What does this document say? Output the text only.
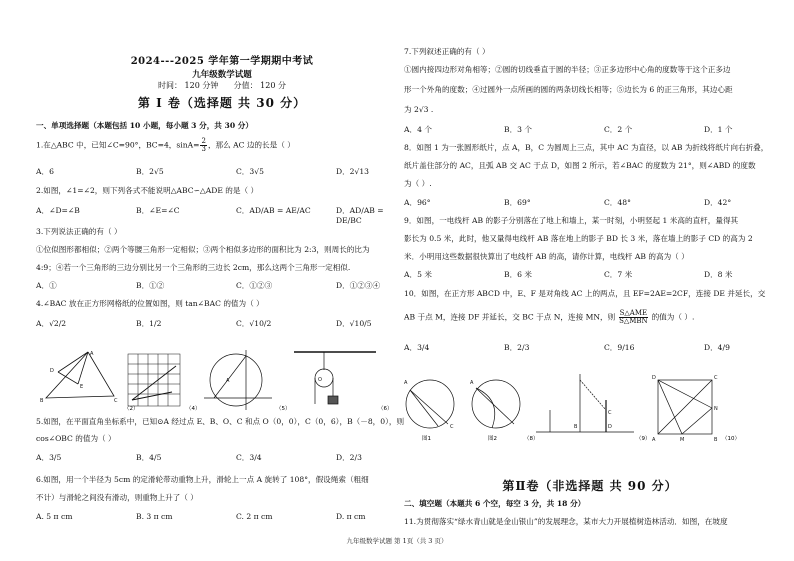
2024---2025 学年第一学期期中考试
九年级数学试题
时间： 120 分钟 分值： 120 分
第 I 卷（选择题 共 30 分）
一、单项选择题（本题包括 10 小题，每小题 3 分，共 30 分）
1.在△ABC 中，已知∠C=90°，BC=4，$\sin A= \frac{2}{3}$ ，那么 AC 边的长是（ ）
A．6	B．2√5	C．3√5	D．2√13
2.如图，∠1=∠2，则下列各式不能说明△ABC∽△ADE 的是（ ）
A．∠D=∠B	B．∠E=∠C	C．AD/AB = AE/AC	D．AD/AB = DE/BC
3.下列说法正确的有（ ）
①位似图形都相似；②两个等腰三角形一定相似；③两个相似多边形的面积比为 2:3，则周长的比为
4:9；④若一个三角形的三边分别比另一个三角形的三边长 2cm，那么这两个三角形一定相似.
A．①	B．①②	C．①②③	D．①②③④
4.∠BAC 放在正方形网格纸的位置如图，则 tan∠BAC 的值为（ ）
A．√2/2	B．1/2	C．√10/2	D．√10/5
A
D
B	C
E
A	O
（2）	（4）	（5）	（6）
5.如图，在平面直角坐标系中，已知⊙A 经过点 E、B、O、C 和点 O（0，0），C（0，6），B（－8，0），则
cos∠OBC 的值为（ ）
A．3/5	B．4/5	C．3/4	D．2/3
6.如图，用一个半径为 5cm 的定滑轮带动重物上升，滑轮上一点 A 旋转了 108°，假设绳索（粗细
不计）与滑轮之间没有滑动，则重物上升了（ ）
A. 5 π cm	B. 3 π cm	C. 2 π cm	D. π cm
7.下列叙述正确的有（ ）
①圆内接四边形对角相等；②圆的切线垂直于圆的半径；③正多边形中心角的度数等于这个正多边
形一个外角的度数；④过圆外一点所画的圆的两条切线长相等；⑤边长为 6 的正三角形，其边心距
为 2√3 .
A．4 个	B．3 个	C．2 个	D．1 个
8．如图 1 为一张圆形纸片，点 A，B，C 为圆周上三点，其中 AC 为直径，以 AB 为折线将纸片向右折叠，
纸片盖住部分的 AC，且弧 AB 交 AC 于点 D，如图 2 所示，若∠BAC 的度数为 21°，则∠ABD 的度数
为（ ）.
A．96°	B．69°	C．48°	D．42°
9．如图，一电线杆 AB 的影子分别落在了地上和墙上，某一时刻，小明竖起 1 米高的直杆，量得其
影长为 0.5 米，此时，他又量得电线杆 AB 落在地上的影子 BD 长 3 米，落在墙上的影子 CD 的高为 2
米．小明用这些数据很快算出了电线杆 AB 的高，请你计算，电线杆 AB 的高为（ ）
A．5 米	B．6 米	C．7 米	D．8 米
10．如图，在正方形 ABCD 中，E、F 是对角线 AC 上的两点，且 EF=2AE=2CF，连接 DE 并延长，交
AB 于点 M，连接 DF 并延长，交 BC 于点 N，连接 MN，则 $\frac{\text{S△AME}}{\text{S△MBN}}$ 的值为（ ）.
A．3/4	B．2/3	C．9/16	D．4/9
A
C
A
C
D
B
D	C
A	B
M
N
图1	图2	（8）	（9）	（10）
第Ⅱ卷（非选择题 共 90 分）
二、填空题（本题共 6 个空，每空 3 分，共 18 分）
11.为贯彻落实“绿水青山就是金山银山”的发展理念，某市大力开展植树造林活动．如图，在坡度
九年级数学试题 第 1页（共 3 页）
